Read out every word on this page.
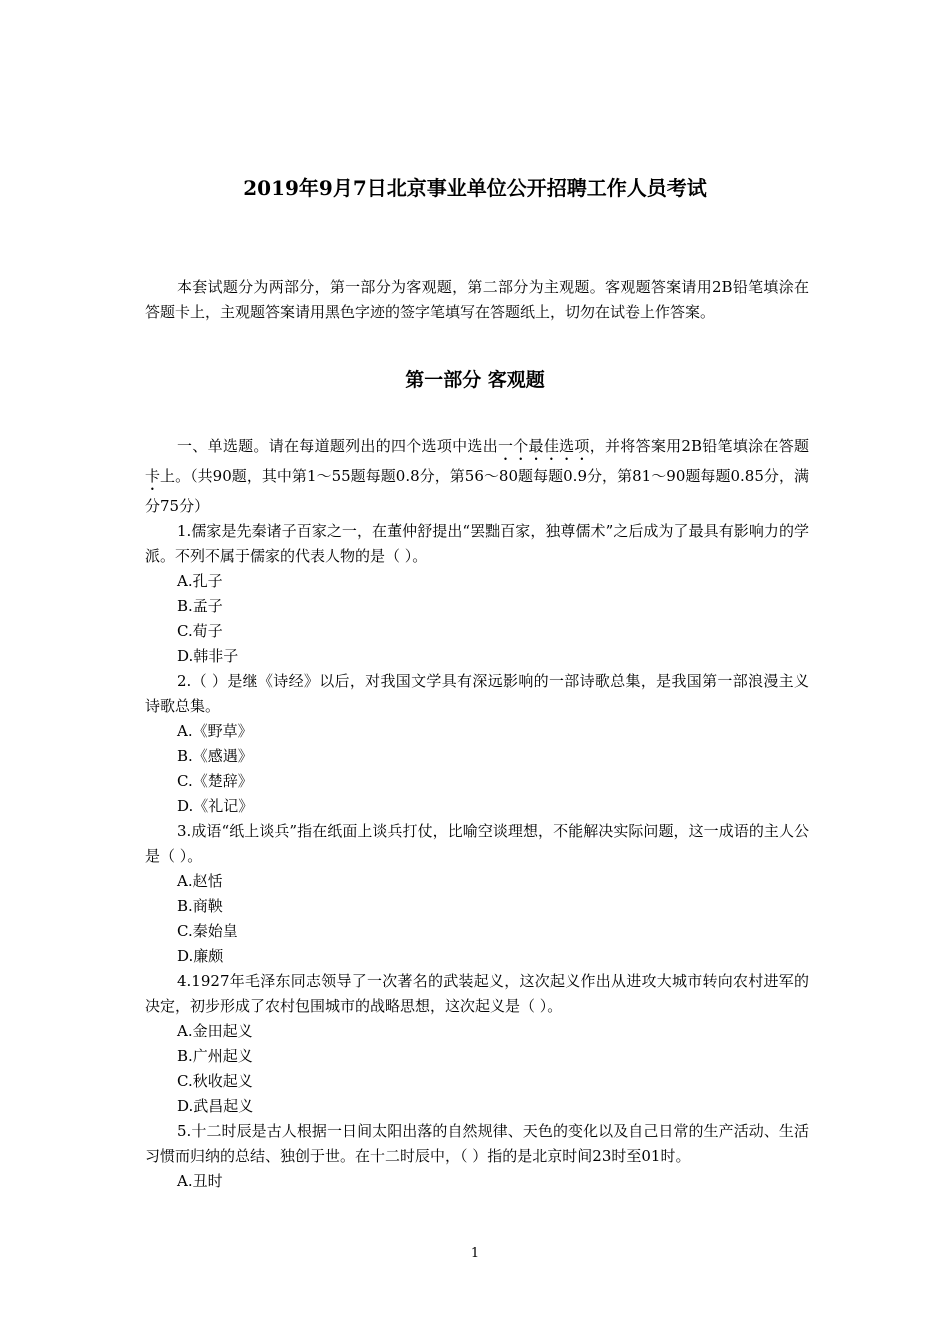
2019年9月7日北京事业单位公开招聘工作人员考试

本套试题分为两部分，第一部分为客观题，第二部分为主观题。客观题答案请用2B铅笔填涂在答题卡上，主观题答案请用黑色字迹的签字笔填写在答题纸上，切勿在试卷上作答案。

第一部分 客观题

一、单选题。请在每道题列出的四个选项中选出一个最佳选项，并将答案用2B铅笔填涂在答题卡上。（共90题，其中第1～55题每题0.8分，第56～80题每题0.9分，第81～90题每题0.85分，满分75分）

1.儒家是先秦诸子百家之一，在董仲舒提出“罢黜百家，独尊儒术”之后成为了最具有影响力的学派。不列不属于儒家的代表人物的是（ ）。

A.孔子

B.孟子

C.荀子

D.韩非子

2.（ ）是继《诗经》以后，对我国文学具有深远影响的一部诗歌总集，是我国第一部浪漫主义诗歌总集。

A.《野草》

B.《感遇》

C.《楚辞》

D.《礼记》

3.成语“纸上谈兵”指在纸面上谈兵打仗，比喻空谈理想，不能解决实际问题，这一成语的主人公是（ ）。

A.赵恬

B.商鞅

C.秦始皇

D.廉颇

4.1927年毛泽东同志领导了一次著名的武装起义，这次起义作出从进攻大城市转向农村进军的决定，初步形成了农村包围城市的战略思想，这次起义是（ ）。

A.金田起义

B.广州起义

C.秋收起义

D.武昌起义

5.十二时辰是古人根据一日间太阳出落的自然规律、天色的变化以及自己日常的生产活动、生活习惯而归纳的总结、独创于世。在十二时辰中，（ ）指的是北京时间23时至01时。

A.丑时

1
